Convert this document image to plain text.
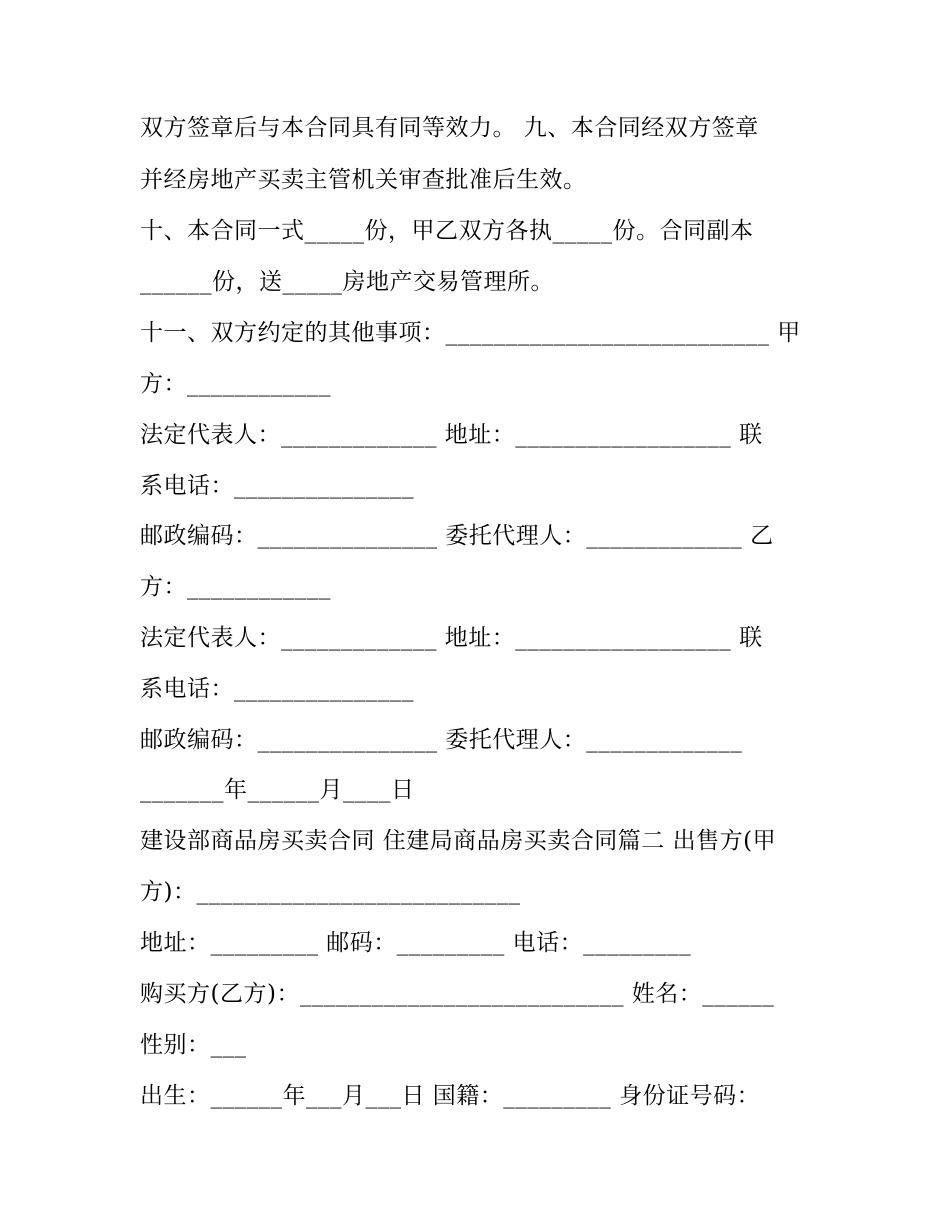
双方签章后与本合同具有同等效力。 九、本合同经双方签章
并经房地产买卖主管机关审查批准后生效。
十、本合同一式_____份，甲乙双方各执_____份。合同副本
______份，送_____房地产交易管理所。
十一、双方约定的其他事项：___________________________ 甲
方：____________
法定代表人：_____________ 地址：__________________ 联
系电话：_______________
邮政编码：_______________ 委托代理人：_____________ 乙
方：____________
法定代表人：_____________ 地址：__________________ 联
系电话：_______________
邮政编码：_______________ 委托代理人：_____________
_______年______月____日
建设部商品房买卖合同 住建局商品房买卖合同篇二 出售方(甲
方)：___________________________
地址：_________ 邮码：_________ 电话：_________
购买方(乙方)：___________________________ 姓名：______
性别：___
出生：______年___月___日 国籍：_________ 身份证号码：
